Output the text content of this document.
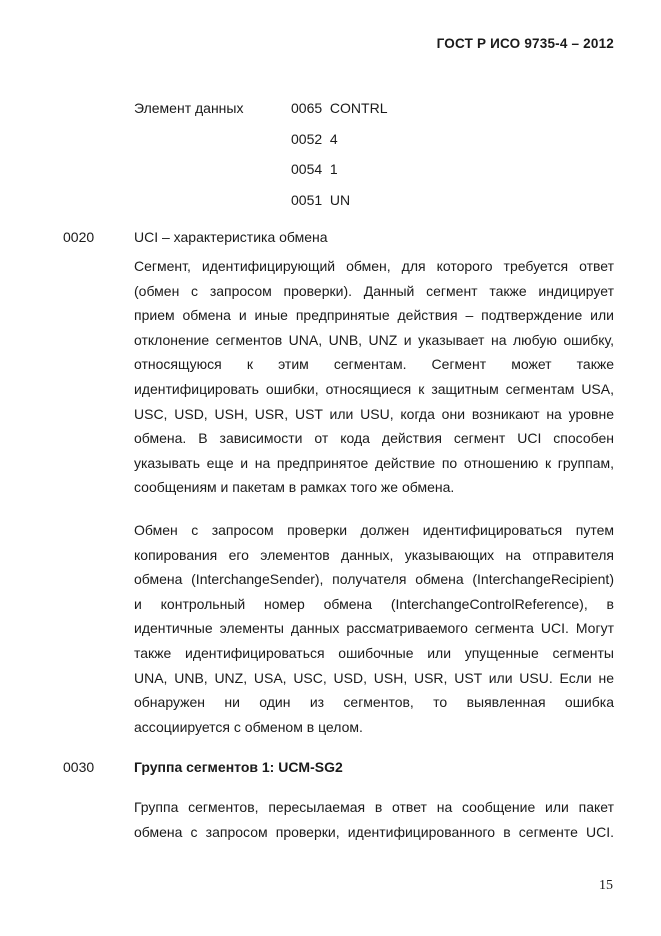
ГОСТ Р ИСО 9735-4 – 2012
Элемент данных	0065  CONTRL
0052  4
0054  1
0051  UN
0020	UCI – характеристика обмена
Сегмент, идентифицирующий обмен, для которого требуется ответ
(обмен с запросом проверки). Данный сегмент также индицирует
прием обмена и иные предпринятые действия – подтверждение или
отклонение сегментов UNA, UNB, UNZ и указывает на любую ошибку,
относящуюся к этим сегментам. Сегмент может также
идентифицировать ошибки, относящиеся к защитным сегментам USA,
USC, USD, USH, USR, UST или USU, когда они возникают на уровне
обмена. В зависимости от кода действия сегмент UCI способен
указывать еще и на предпринятое действие по отношению к группам,
сообщениям и пакетам в рамках того же обмена.
Обмен с запросом проверки должен идентифицироваться путем
копирования его элементов данных, указывающих на отправителя
обмена (InterchangeSender), получателя обмена (InterchangeRecipient)
и контрольный номер обмена (InterchangeControlReference), в
идентичные элементы данных рассматриваемого сегмента UCI. Могут
также идентифицироваться ошибочные или упущенные сегменты
UNA, UNB, UNZ, USA, USC, USD, USH, USR, UST или USU. Если не
обнаружен ни один из сегментов, то выявленная ошибка
ассоциируется с обменом в целом.
0030	Группа сегментов 1: UCM-SG2
Группа сегментов, пересылаемая в ответ на сообщение или пакет
обмена с запросом проверки, идентифицированного в сегменте UCI.
15
